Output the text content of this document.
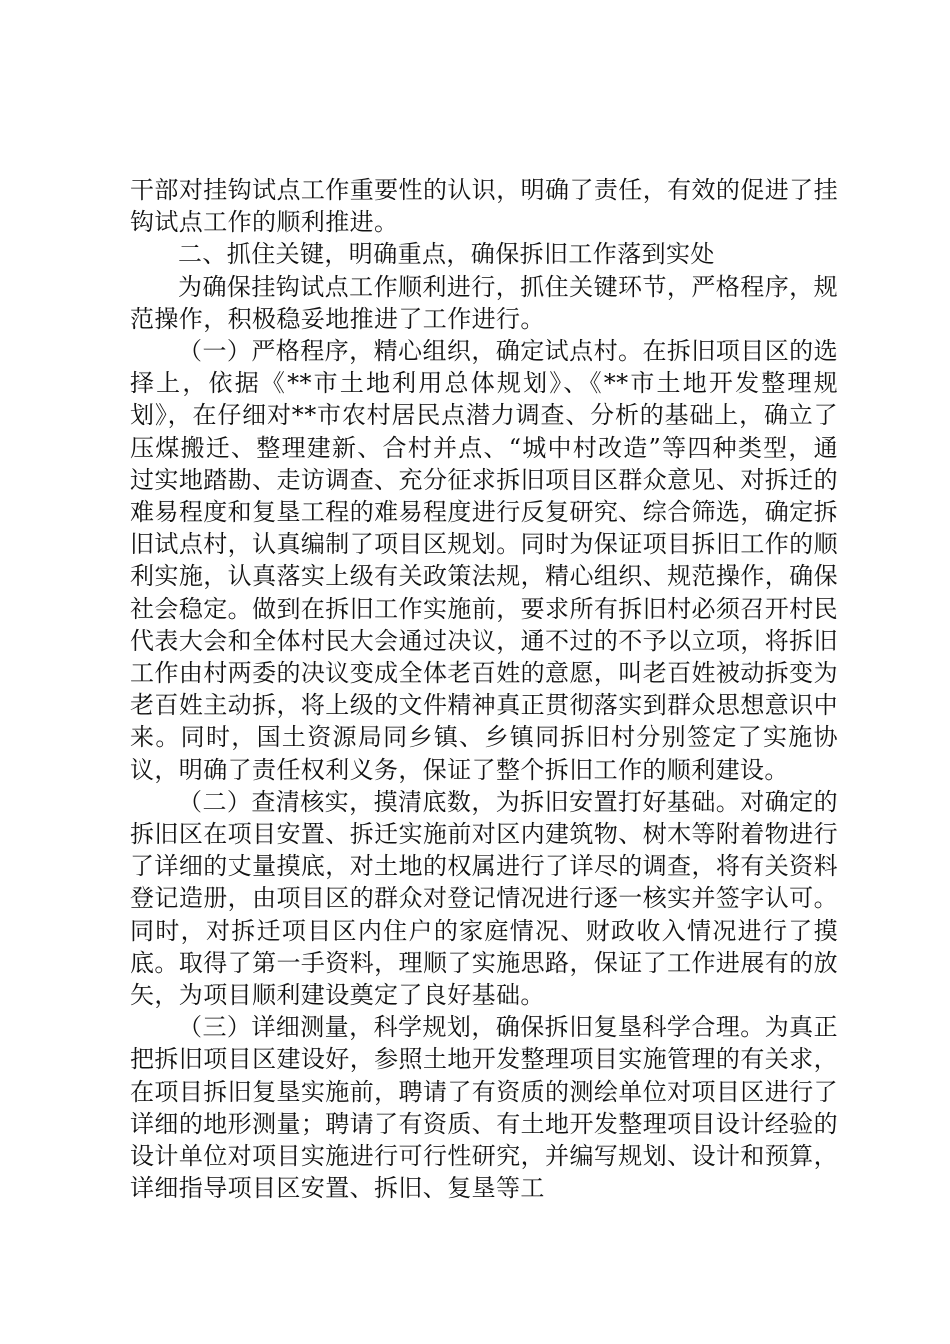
干部对挂钩试点工作重要性的认识，明确了责任，有效的促进了挂钩试点工作的顺利推进。

二、抓住关键，明确重点，确保拆旧工作落到实处

为确保挂钩试点工作顺利进行，抓住关键环节，严格程序，规范操作，积极稳妥地推进了工作进行。

（一）严格程序，精心组织，确定试点村。在拆旧项目区的选择上，依据《**市土地利用总体规划》、《**市土地开发整理规划》，在仔细对**市农村居民点潜力调查、分析的基础上，确立了压煤搬迁、整理建新、合村并点、“城中村改造”等四种类型，通过实地踏勘、走访调查、充分征求拆旧项目区群众意见、对拆迁的难易程度和复垦工程的难易程度进行反复研究、综合筛选，确定拆旧试点村，认真编制了项目区规划。同时为保证项目拆旧工作的顺利实施，认真落实上级有关政策法规，精心组织、规范操作，确保社会稳定。做到在拆旧工作实施前，要求所有拆旧村必须召开村民代表大会和全体村民大会通过决议，通不过的不予以立项，将拆旧工作由村两委的决议变成全体老百姓的意愿，叫老百姓被动拆变为老百姓主动拆，将上级的文件精神真正贯彻落实到群众思想意识中来。同时，国土资源局同乡镇、乡镇同拆旧村分别签定了实施协议，明确了责任权利义务，保证了整个拆旧工作的顺利建设。

（二）查清核实，摸清底数，为拆旧安置打好基础。对确定的拆旧区在项目安置、拆迁实施前对区内建筑物、树木等附着物进行了详细的丈量摸底，对土地的权属进行了详尽的调查，将有关资料登记造册，由项目区的群众对登记情况进行逐一核实并签字认可。同时，对拆迁项目区内住户的家庭情况、财政收入情况进行了摸底。取得了第一手资料，理顺了实施思路，保证了工作进展有的放矢，为项目顺利建设奠定了良好基础。

（三）详细测量，科学规划，确保拆旧复垦科学合理。为真正把拆旧项目区建设好，参照土地开发整理项目实施管理的有关求，在项目拆旧复垦实施前，聘请了有资质的测绘单位对项目区进行了详细的地形测量；聘请了有资质、有土地开发整理项目设计经验的设计单位对项目实施进行可行性研究，并编写规划、设计和预算，详细指导项目区安置、拆旧、复垦等工
